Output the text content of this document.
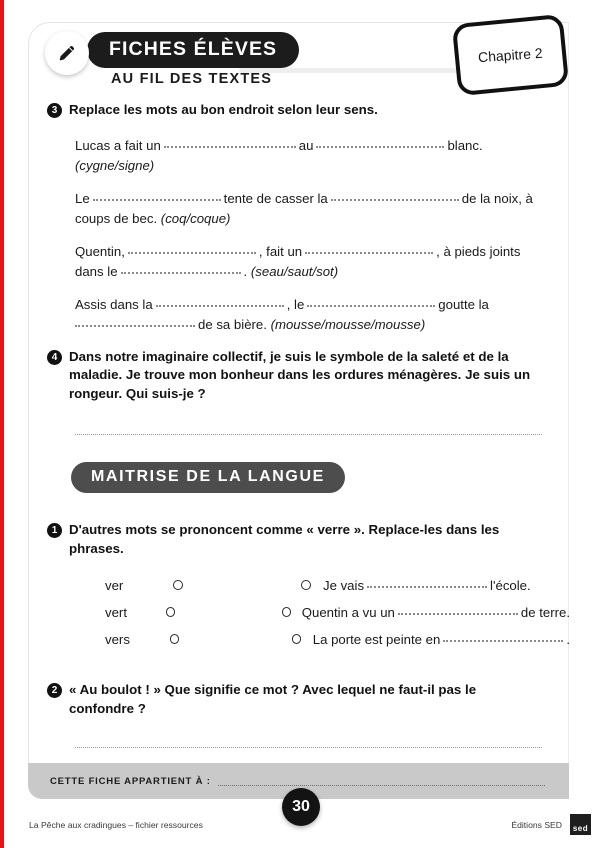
FICHES ÉLÈVES
AU FIL DES TEXTES
Chapitre 2
3 Replace les mots au bon endroit selon leur sens.
Lucas a fait un	au	blanc.
(cygne/signe)
Le	tente de casser la	de la noix, à coups de bec. (coq/coque)
Quentin,	, fait un	, à pieds joints dans le	. (seau/saut/sot)
Assis dans la	, le	goutte la
de sa bière. (mousse/mousse/mousse)
4 Dans notre imaginaire collectif, je suis le symbole de la saleté et de la maladie. Je trouve mon bonheur dans les ordures ménagères. Je suis un rongeur. Qui suis-je ?
MAITRISE DE LA LANGUE
1 D'autres mots se prononcent comme « verre ». Replace-les dans les phrases.
ver	Je vais	l'école.
vert	Quentin a vu un	de terre.
vers	La porte est peinte en	.
2 « Au boulot ! » Que signifie ce mot ? Avec lequel ne faut-il pas le confondre ?
CETTE FICHE APPARTIENT À :
30
La Pêche aux cradingues – fichier ressources	Éditions SED sed
